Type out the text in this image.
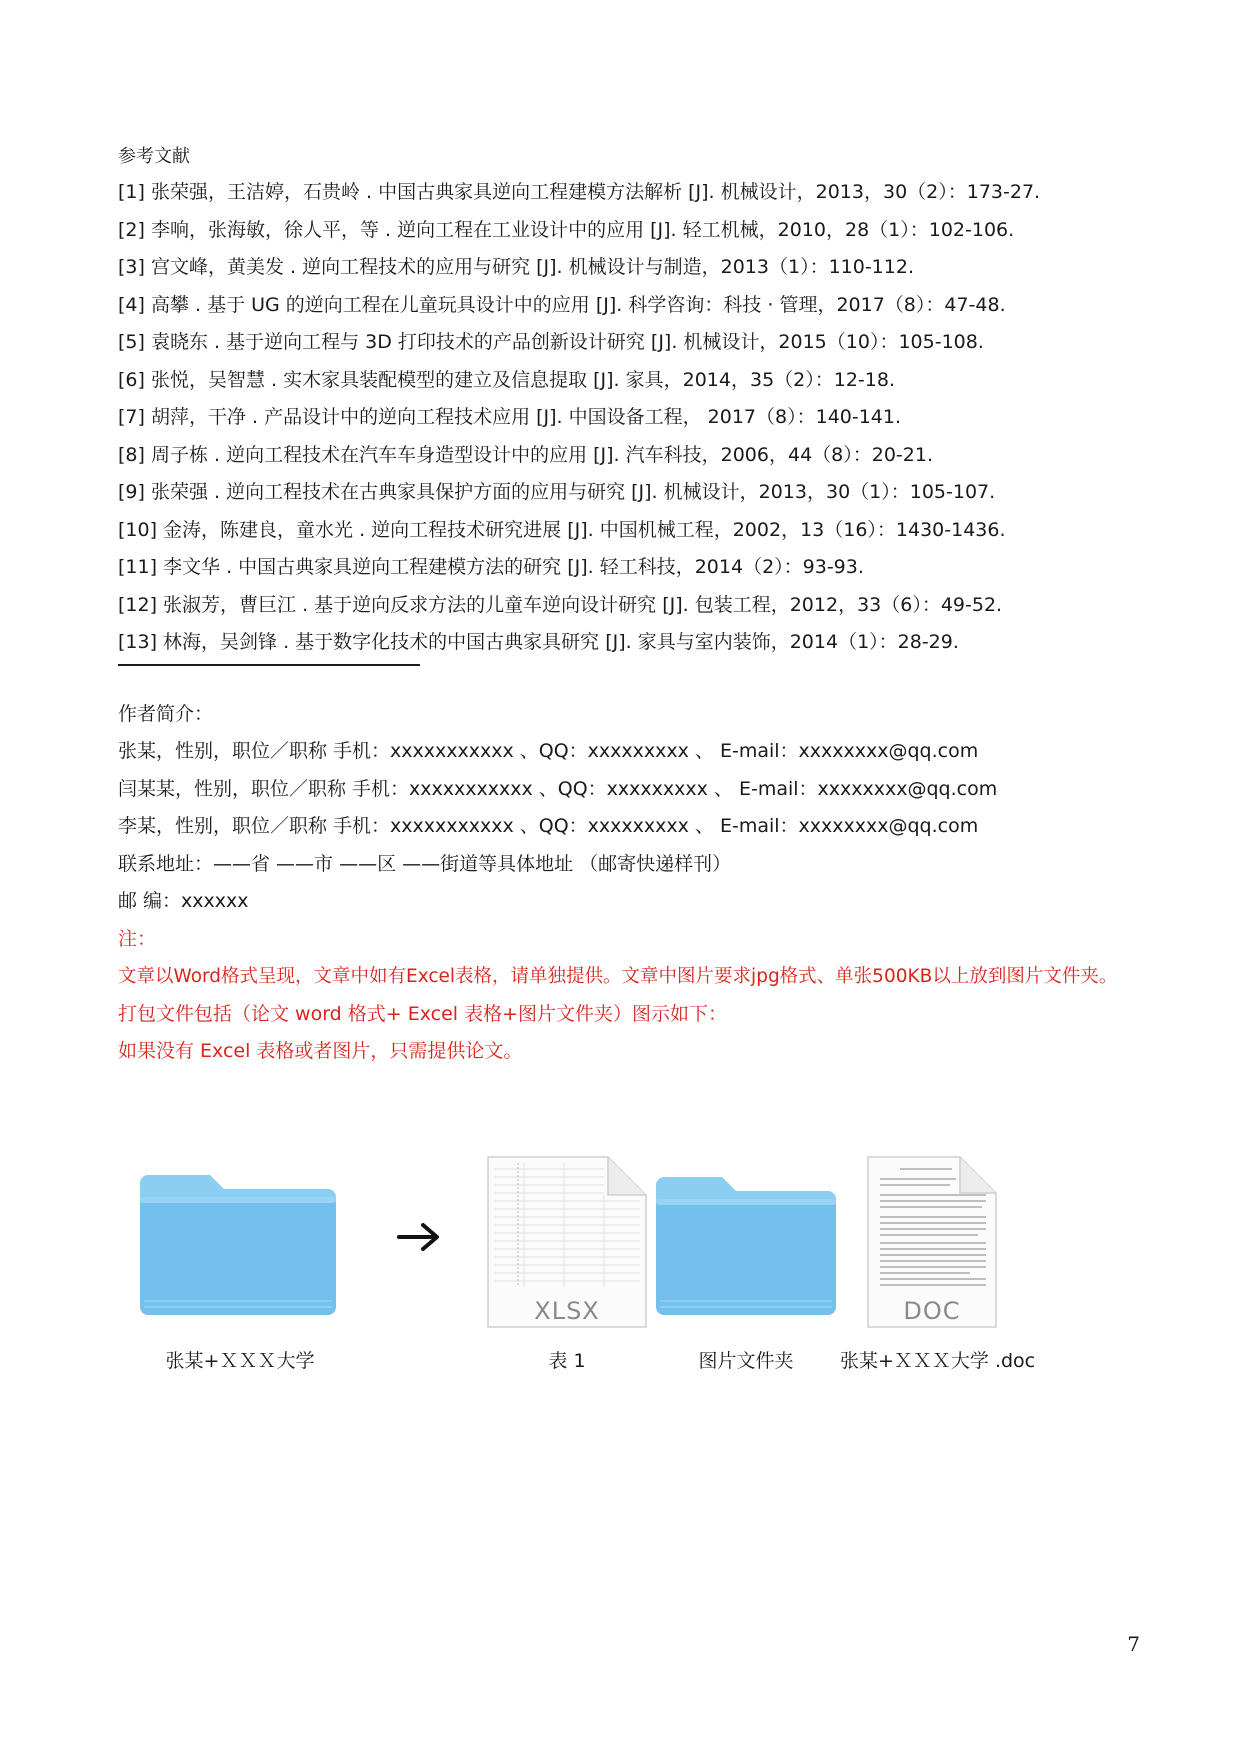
参考文献
[1] 张荣强，王洁婷，石贵岭 . 中国古典家具逆向工程建模方法解析 [J]. 机械设计，2013，30（2）：173-27.
[2] 李响，张海敏，徐人平，等 . 逆向工程在工业设计中的应用 [J]. 轻工机械，2010，28（1）：102-106.
[3] 宫文峰，黄美发 . 逆向工程技术的应用与研究 [J]. 机械设计与制造，2013（1）：110-112.
[4] 高攀 . 基于 UG 的逆向工程在儿童玩具设计中的应用 [J]. 科学咨询：科技 · 管理，2017（8）：47-48.
[5] 袁晓东 . 基于逆向工程与 3D 打印技术的产品创新设计研究 [J]. 机械设计，2015（10）：105-108.
[6] 张悦，吴智慧 . 实木家具装配模型的建立及信息提取 [J]. 家具，2014，35（2）：12-18.
[7] 胡萍，干净 . 产品设计中的逆向工程技术应用 [J]. 中国设备工程， 2017（8）：140-141.
[8] 周子栋 . 逆向工程技术在汽车车身造型设计中的应用 [J]. 汽车科技，2006，44（8）：20-21.
[9] 张荣强 . 逆向工程技术在古典家具保护方面的应用与研究 [J]. 机械设计，2013，30（1）：105-107.
[10] 金涛，陈建良，童水光 . 逆向工程技术研究进展 [J]. 中国机械工程，2002，13（16）：1430-1436.
[11] 李文华 . 中国古典家具逆向工程建模方法的研究 [J]. 轻工科技，2014（2）：93-93.
[12] 张淑芳，曹巨江 . 基于逆向反求方法的儿童车逆向设计研究 [J]. 包装工程，2012，33（6）：49-52.
[13] 林海，吴剑锋 . 基于数字化技术的中国古典家具研究 [J]. 家具与室内装饰，2014（1）：28-29.
作者简介：
张某，性别，职位／职称 手机：xxxxxxxxxxx 、QQ：xxxxxxxxx 、 E-mail：xxxxxxxx@qq.com
闫某某，性别，职位／职称 手机：xxxxxxxxxxx 、QQ：xxxxxxxxx 、 E-mail：xxxxxxxx@qq.com
李某，性别，职位／职称 手机：xxxxxxxxxxx 、QQ：xxxxxxxxx 、 E-mail：xxxxxxxx@qq.com
联系地址：——省 ——市 ——区 ——街道等具体地址 （邮寄快递样刊）
邮 编：xxxxxx
注：
文章以Word格式呈现，文章中如有Excel表格，请单独提供。文章中图片要求jpg格式、单张500KB以上放到图片文件夹。
打包文件包括（论文 word 格式+ Excel 表格+图片文件夹）图示如下：
如果没有 Excel 表格或者图片，只需提供论文。
张某+ＸＸＸ大学
XLSX
表 1	图片文件夹
DOC
张某+ＸＸＸ大学 .doc
7
